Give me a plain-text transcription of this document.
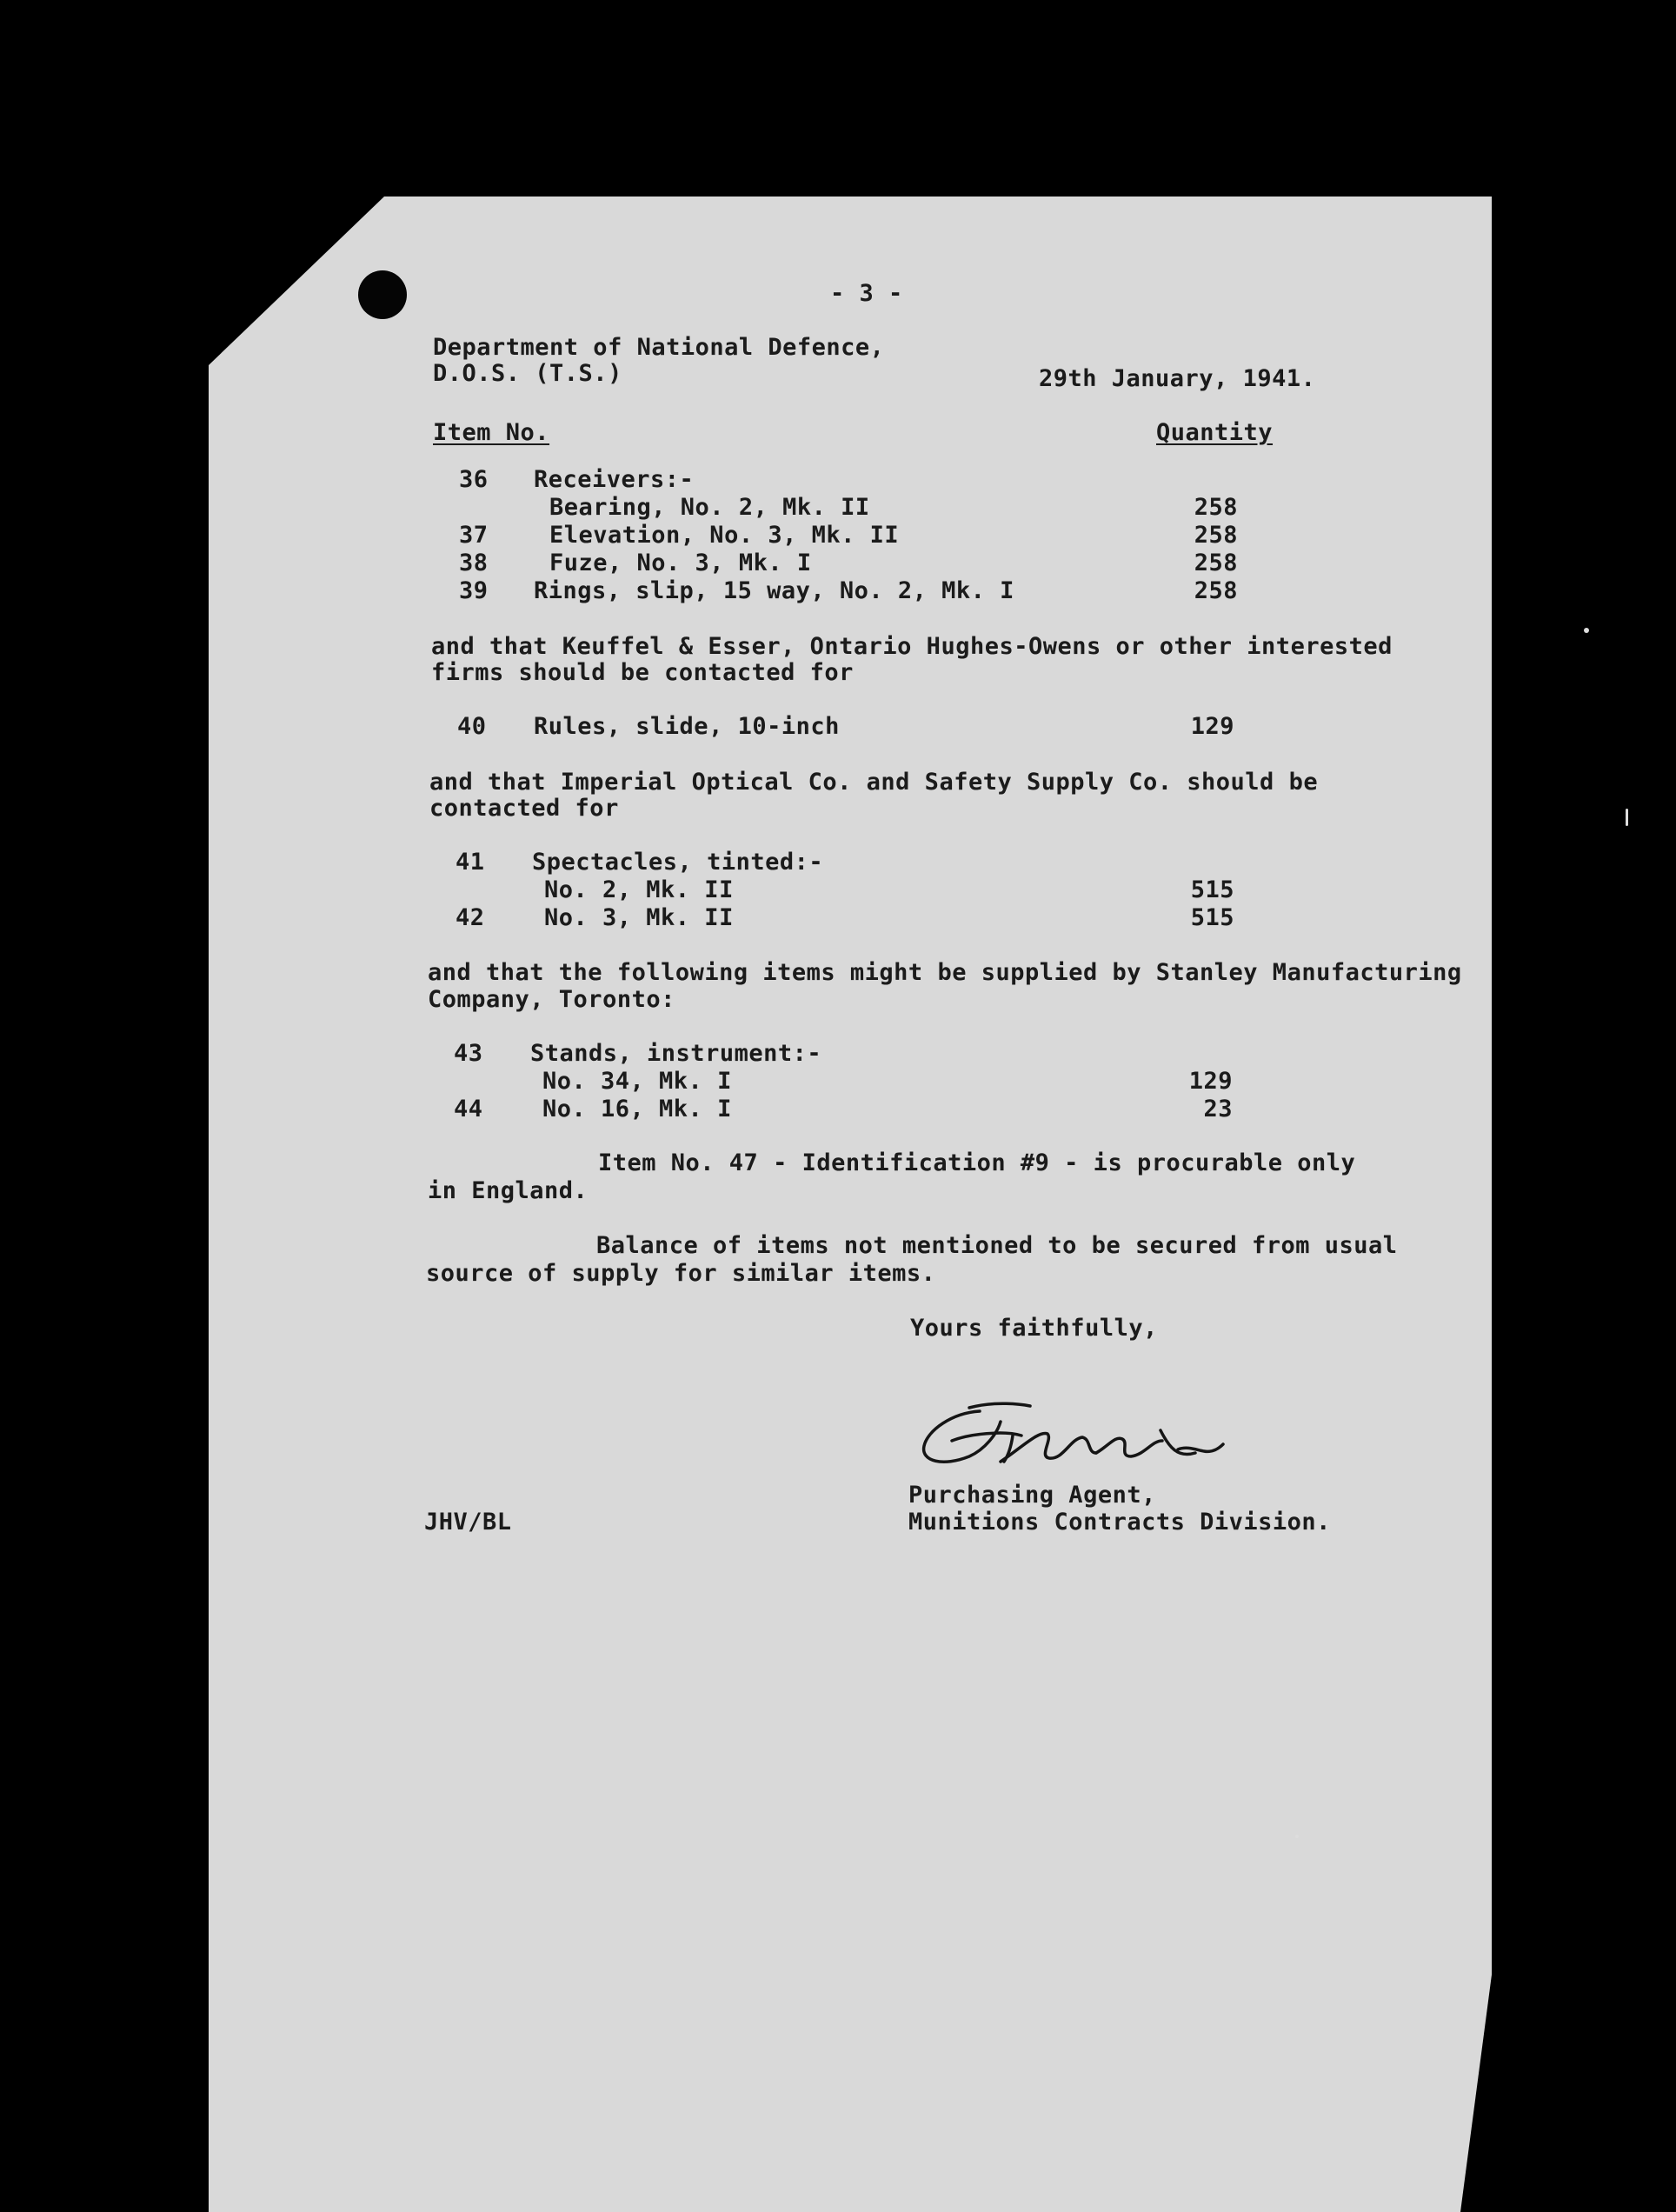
- 3 -
Department of National Defence,
D.O.S. (T.S.)	29th January, 1941.
Item No.	Quantity
36 Receivers:-
Bearing, No. 2, Mk. II	258
37	Elevation, No. 3, Mk. II	258
38	Fuze, No. 3, Mk. I	258
39 Rings, slip, 15 way, No. 2, Mk. I	258
and that Keuffel & Esser, Ontario Hughes-Owens or other interested
firms should be contacted for
40 Rules, slide, 10-inch	129
and that Imperial Optical Co. and Safety Supply Co. should be
contacted for
41 Spectacles, tinted:-
No. 2, Mk. II	515
42	No. 3, Mk. II	515
and that the following items might be supplied by Stanley Manufacturing
Company, Toronto:
43 Stands, instrument:-
No. 34, Mk. I	129
44	No. 16, Mk. I	23
Item No. 47 - Identification #9 - is procurable only
in England.
Balance of items not mentioned to be secured from usual
source of supply for similar items.
Yours faithfully,
Purchasing Agent,
Munitions Contracts Division.
JHV/BL
